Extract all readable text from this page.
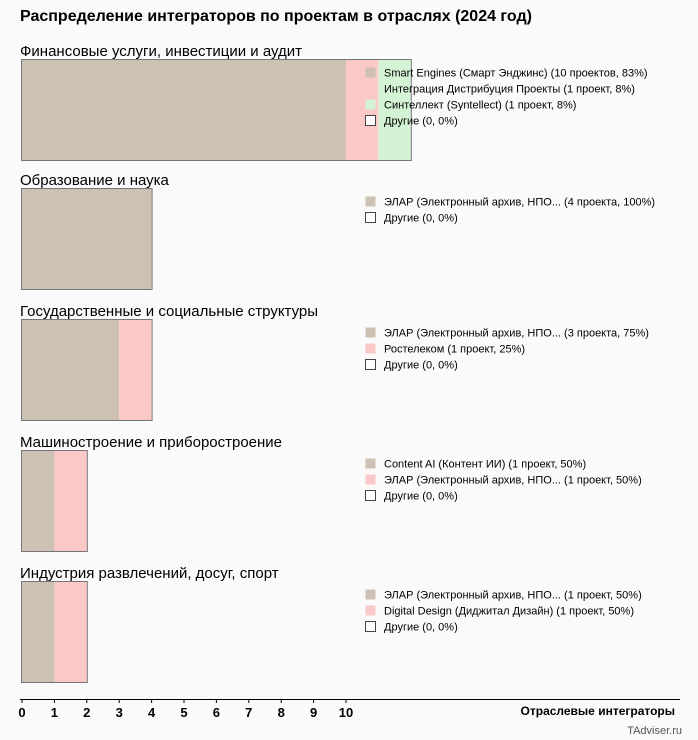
Распределение интеграторов по проектам в отраслях (2024 год)
Финансовые услуги, инвестиции и аудит
Smart Engines (Смарт Энджинс) (10 проектов, 83%)
Интеграция Дистрибуция Проекты (1 проект, 8%)
Синтеллект (Syntellect) (1 проект, 8%)
Другие (0, 0%)
Образование и наука
ЭЛАР (Электронный архив, НПО... (4 проекта, 100%)
Другие (0, 0%)
Государственные и социальные структуры
ЭЛАР (Электронный архив, НПО... (3 проекта, 75%)
Ростелеком (1 проект, 25%)
Другие (0, 0%)
Машиностроение и приборостроение
Content AI (Контент ИИ) (1 проект, 50%)
ЭЛАР (Электронный архив, НПО... (1 проект, 50%)
Другие (0, 0%)
Индустрия развлечений, досуг, спорт
ЭЛАР (Электронный архив, НПО... (1 проект, 50%)
Digital Design (Диджитал Дизайн) (1 проект, 50%)
Другие (0, 0%)
0 1 2 3 4 5 6 7 8 9 10	Отраслевые интеграторы
TAdviser.ru
